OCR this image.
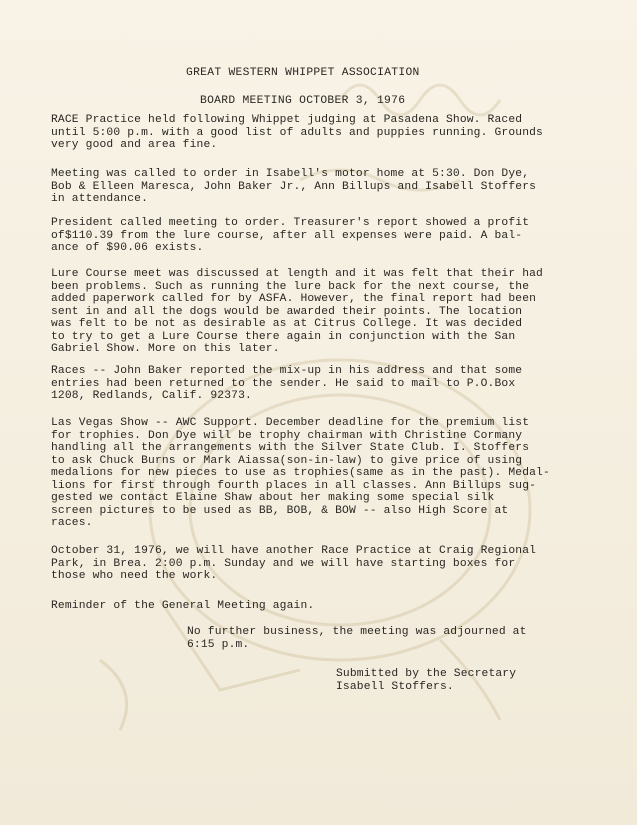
GREAT WESTERN WHIPPET ASSOCIATION
BOARD MEETING OCTOBER 3, 1976
RACE Practice held following Whippet judging at Pasadena Show. Raced
until 5:00 p.m. with a good list of adults and puppies running. Grounds
very good and area fine.
Meeting was called to order in Isabell's motor home at 5:30. Don Dye,
Bob & Elleen Maresca, John Baker Jr., Ann Billups and Isabell Stoffers
in attendance.
President called meeting to order. Treasurer's report showed a profit
of$110.39 from the lure course, after all expenses were paid. A bal-
ance of $90.06 exists.
Lure Course meet was discussed at length and it was felt that their had
been problems. Such as running the lure back for the next course, the
added paperwork called for by ASFA. However, the final report had been
sent in and all the dogs would be awarded their points. The location
was felt to be not as desirable as at Citrus College. It was decided
to try to get a Lure Course there again in conjunction with the San
Gabriel Show. More on this later.
Races -- John Baker reported the mix-up in his address and that some
entries had been returned to the sender. He said to mail to P.O.Box
1208, Redlands, Calif. 92373.
Las Vegas Show -- AWC Support. December deadline for the premium list
for trophies. Don Dye will be trophy chairman with Christine Cormany
handling all the arrangements with the Silver State Club. I. Stoffers
to ask Chuck Burns or Mark Aiassa(son-in-law) to give price of using
medalions for new pieces to use as trophies(same as in the past). Medal-
lions for first through fourth places in all classes. Ann Billups sug-
gested we contact Elaine Shaw about her making some special silk
screen pictures to be used as BB, BOB, & BOW -- also High Score at
races.
October 31, 1976, we will have another Race Practice at Craig Regional
Park, in Brea. 2:00 p.m. Sunday and we will have starting boxes for
those who need the work.
Reminder of the General Meeting again.
No further business, the meeting was adjourned at
6:15 p.m.
Submitted by the Secretary
Isabell Stoffers.
